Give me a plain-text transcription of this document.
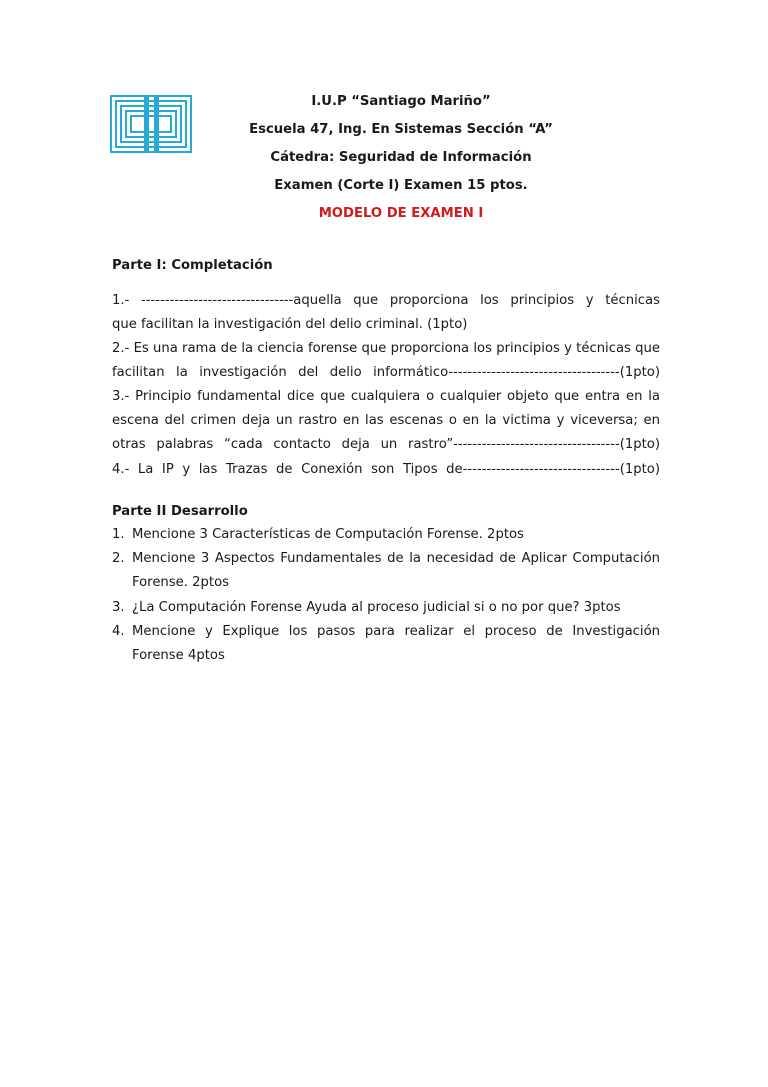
I.U.P “Santiago Mariño”
Escuela 47, Ing. En Sistemas Sección “A”
Cátedra: Seguridad de Información
Examen (Corte I) Examen 15 ptos.
MODELO DE EXAMEN I
Parte I: Completación
1.- --------------------------------aquella que proporciona los principios y técnicas
que facilitan la investigación del delio criminal. (1pto)
2.- Es una rama de la ciencia forense que proporciona los principios y técnicas que
facilitan la investigación del delio informático------------------------------------(1pto)
3.- Principio fundamental dice que cualquiera o cualquier objeto que entra en la
escena del crimen deja un rastro en las escenas o en la victima y viceversa; en
otras palabras “cada contacto deja un rastro”-----------------------------------(1pto)
4.- La IP y las Trazas de Conexión son Tipos de---------------------------------(1pto)
Parte II Desarrollo
1. Mencione 3 Características de Computación Forense. 2ptos
2. Mencione 3 Aspectos Fundamentales de la necesidad de Aplicar Computación Forense. 2ptos
3. ¿La Computación Forense Ayuda al proceso judicial si o no por que? 3ptos
4. Mencione y Explique los pasos para realizar el proceso de Investigación Forense 4ptos
